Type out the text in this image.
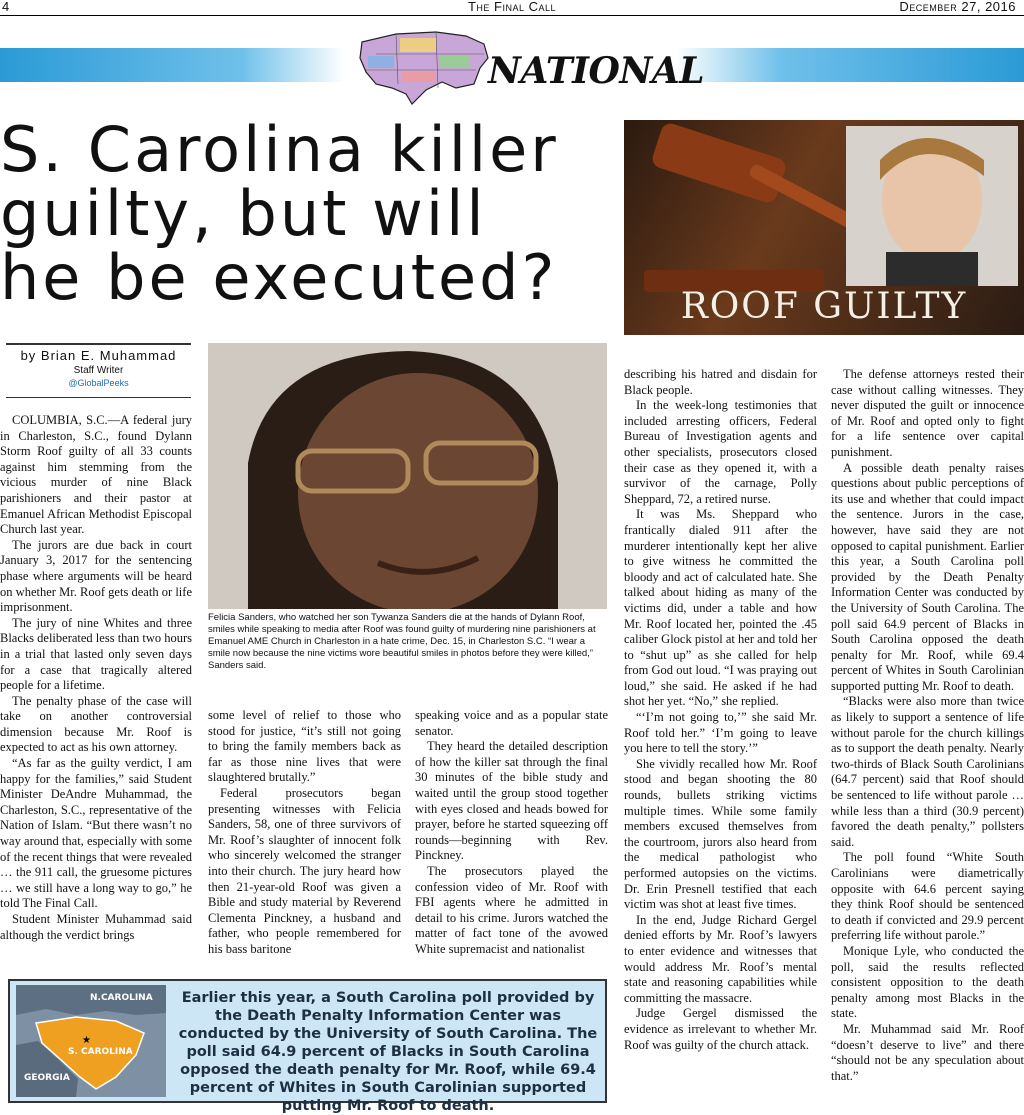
4	The Final Call	December 27, 2016
NATIONAL
S. Carolina killer
guilty, but will
he be executed?	ROOF GUILTY
by Brian E. Muhammad
Staff Writer
@GlobalPeeks
Felicia Sanders, who watched her son Tywanza Sanders die at the hands of Dylann Roof, smiles while speaking to media after Roof was found guilty of murdering nine parishioners at Emanuel AME Church in Charleston in a hate crime, Dec. 15, in Charleston S.C. “I wear a smile now because the nine victims wore beautiful smiles in photos before they were killed,” Sanders said.

COLUMBIA, S.C.—A federal jury in Charleston, S.C., found Dylann Storm Roof guilty of all 33 counts against him stemming from the vicious murder of nine Black parishioners and their pastor at Emanuel African Methodist Episcopal Church last year.

The jurors are due back in court January 3, 2017 for the sentencing phase where arguments will be heard on whether Mr. Roof gets death or life imprisonment.

The jury of nine Whites and three Blacks deliberated less than two hours in a trial that lasted only seven days for a case that tragically altered people for a lifetime.

The penalty phase of the case will take on another controversial dimension because Mr. Roof is expected to act as his own attorney.

“As far as the guilty verdict, I am happy for the families,” said Student Minister DeAndre Muhammad, the Charleston, S.C., representative of the Nation of Islam. “But there wasn’t no way around that, especially with some of the recent things that were revealed … the 911 call, the gruesome pictures … we still have a long way to go,” he told The Final Call.

Student Minister Muhammad said although the verdict brings

some level of relief to those who stood for justice, “it’s still not going to bring the family members back as far as those nine lives that were slaughtered brutally.”

Federal prosecutors began presenting witnesses with Felicia Sanders, 58, one of three survivors of Mr. Roof’s slaughter of innocent folk who sincerely welcomed the stranger into their church. The jury heard how then 21-year-old Roof was given a Bible and study material by Reverend Clementa Pinckney, a husband and father, who people remembered for his bass baritone

speaking voice and as a popular state senator.

They heard the detailed description of how the killer sat through the final 30 minutes of the bible study and waited until the group stood together with eyes closed and heads bowed for prayer, before he started squeezing off rounds—beginning with Rev. Pinckney.

The prosecutors played the confession video of Mr. Roof with FBI agents where he admitted in detail to his crime. Jurors watched the matter of fact tone of the avowed White supremacist and nationalist

describing his hatred and disdain for Black people.

In the week-long testimonies that included arresting officers, Federal Bureau of Investigation agents and other specialists, prosecutors closed their case as they opened it, with a survivor of the carnage, Polly Sheppard, 72, a retired nurse.

It was Ms. Sheppard who frantically dialed 911 after the murderer intentionally kept her alive to give witness he committed the bloody and act of calculated hate. She talked about hiding as many of the victims did, under a table and how Mr. Roof located her, pointed the .45 caliber Glock pistol at her and told her to “shut up” as she called for help from God out loud. “I was praying out loud,” she said. He asked if he had shot her yet. “No,” she replied.

“‘I’m not going to,’” she said Mr. Roof told her.” ‘I’m going to leave you here to tell the story.’”

She vividly recalled how Mr. Roof stood and began shooting the 80 rounds, bullets striking victims multiple times. While some family members excused themselves from the courtroom, jurors also heard from the medical pathologist who performed autopsies on the victims. Dr. Erin Presnell testified that each victim was shot at least five times.

In the end, Judge Richard Gergel denied efforts by Mr. Roof’s lawyers to enter evidence and witnesses that would address Mr. Roof’s mental state and reasoning capabilities while committing the massacre.

Judge Gergel dismissed the evidence as irrelevant to whether Mr. Roof was guilty of the church attack.

The defense attorneys rested their case without calling witnesses. They never disputed the guilt or innocence of Mr. Roof and opted only to fight for a life sentence over capital punishment.

A possible death penalty raises questions about public perceptions of its use and whether that could impact the sentence. Jurors in the case, however, have said they are not opposed to capital punishment. Earlier this year, a South Carolina poll provided by the Death Penalty Information Center was conducted by the University of South Carolina. The poll said 64.9 percent of Blacks in South Carolina opposed the death penalty for Mr. Roof, while 69.4 percent of Whites in South Carolinian supported putting Mr. Roof to death.

“Blacks were also more than twice as likely to support a sentence of life without parole for the church killings as to support the death penalty. Nearly two-thirds of Black South Carolinians (64.7 percent) said that Roof should be sentenced to life without parole … while less than a third (30.9 percent) favored the death penalty,” pollsters said.

The poll found “White South Carolinians were diametrically opposite with 64.6 percent saying they think Roof should be sentenced to death if convicted and 29.9 percent preferring life without parole.”

Monique Lyle, who conducted the poll, said the results reflected consistent opposition to the death penalty among most Blacks in the state.

Mr. Muhammad said Mr. Roof “doesn’t deserve to live” and there “should not be any speculation about that.”

★
N.CAROLINA
S. CAROLINA
GEORGIA
Earlier this year, a South Carolina poll provided by the Death Penalty Information Center was conducted by the University of South Carolina. The poll said 64.9 percent of Blacks in South Carolina opposed the death penalty for Mr. Roof, while 69.4 percent of Whites in South Carolinian supported putting Mr. Roof to death.
